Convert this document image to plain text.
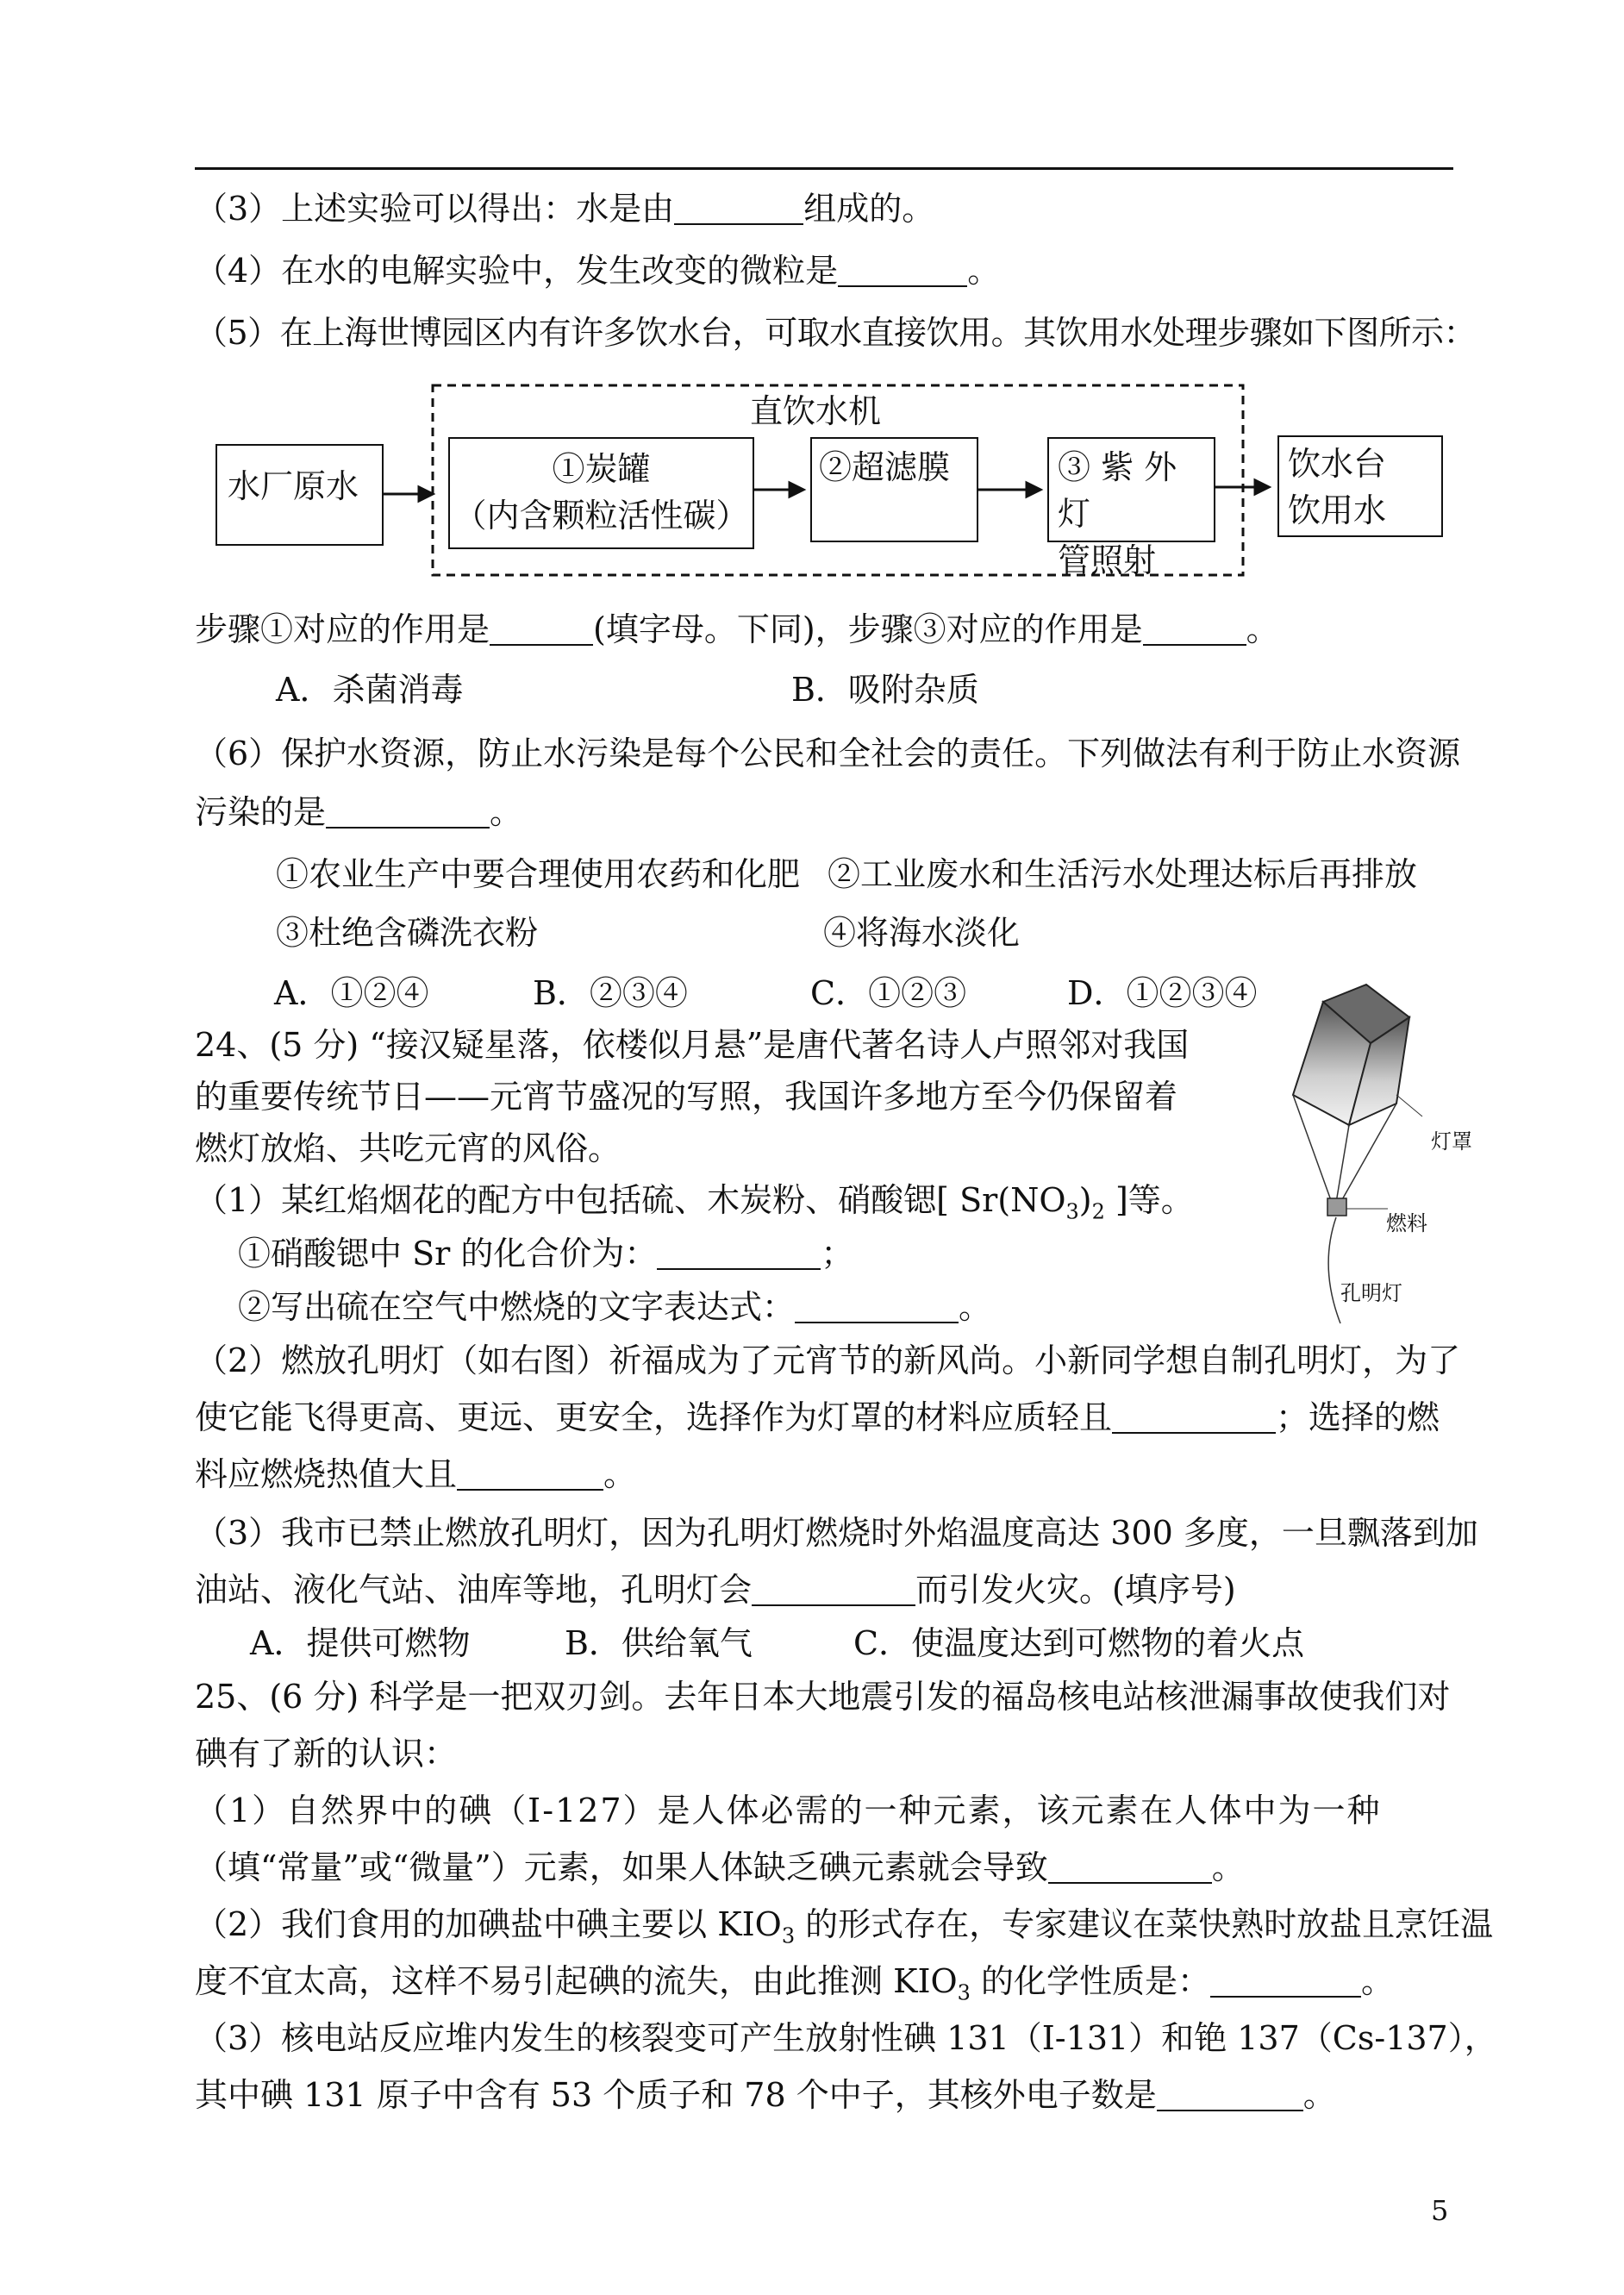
（3）上述实验可以得出：水是由	组成的。
（4）在水的电解实验中，发生改变的微粒是	。
（5）在上海世博园区内有许多饮水台，可取水直接饮用。其饮用水处理步骤如下图所示：
直饮水机
水厂原水	①炭罐
（内含颗粒活性碳）
②超滤膜	③ 紫 外 灯
管照射
饮水台
饮用水
步骤①对应的作用是	(填字母。下同)，步骤③对应的作用是	。
A．杀菌消毒	B．吸附杂质
（6）保护水资源，防止水污染是每个公民和全社会的责任。下列做法有利于防止水资源
污染的是	。
①农业生产中要合理使用农药和化肥 ②工业废水和生活污水处理达标后再排放
③杜绝含磷洗衣粉	④将海水淡化
A．①②④	B．②③④	C．①②③	D．①②③④
24、(5 分) “接汉疑星落，依楼似月悬”是唐代著名诗人卢照邻对我国
的重要传统节日——元宵节盛况的写照，我国许多地方至今仍保留着
燃灯放焰、共吃元宵的风俗。
（1）某红焰烟花的配方中包括硫、木炭粉、硝酸锶[ $Sr(NO_3)_2$ ]等。
①硝酸锶中 Sr 的化合价为：	；
②写出硫在空气中燃烧的文字表达式：	。
灯罩
燃料
孔明灯
（2）燃放孔明灯（如右图）祈福成为了元宵节的新风尚。小新同学想自制孔明灯，为了
使它能飞得更高、更远、更安全，选择作为灯罩的材料应质轻且	；选择的燃
料应燃烧热值大且	。
（3）我市已禁止燃放孔明灯，因为孔明灯燃烧时外焰温度高达 300 多度，一旦飘落到加
油站、液化气站、油库等地，孔明灯会	而引发火灾。(填序号)
A．提供可燃物	B．供给氧气	C．使温度达到可燃物的着火点
25、(6 分) 科学是一把双刃剑。去年日本大地震引发的福岛核电站核泄漏事故使我们对
碘有了新的认识：
（1）自然界中的碘（I-127）是人体必需的一种元素，该元素在人体中为一种
（填“常量”或“微量”）元素，如果人体缺乏碘元素就会导致	。
（2）我们食用的加碘盐中碘主要以 $KIO_3$ 的形式存在，专家建议在菜快熟时放盐且烹饪温
度不宜太高，这样不易引起碘的流失，由此推测 $KIO_3$ 的化学性质是：	。
（3）核电站反应堆内发生的核裂变可产生放射性碘 131（I-131）和铯 137（Cs-137），
其中碘 131 原子中含有 53 个质子和 78 个中子，其核外电子数是	。
5
